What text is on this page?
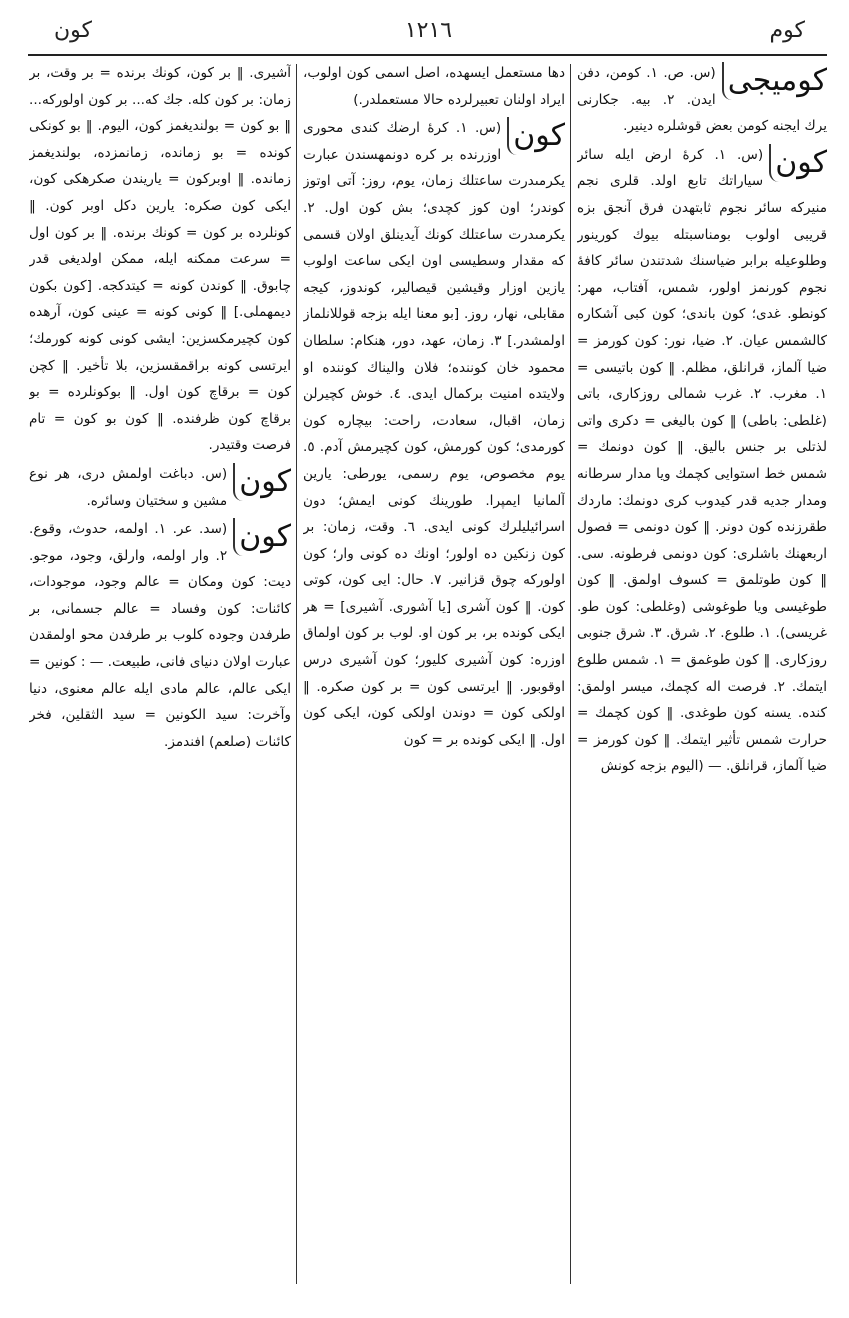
كوم
١٢١٦
كون
كوميجى
(س. ص. ١. كومن، دفن ايدن. ٢. بيه. جكارنى يرك ايجنه كومن بعض قوشلره دينير.
كون
(س. ١. كرهٔ ارض ايله سائر سياراتك تابع اولد. قلرى نجم منيركه سائر نجوم ثابتهدن فرق آنجق بزه قريبى اولوب بومناسبتله بيوك كورينور وطلوعيله برابر ضياسنك شدتندن سائر كافهٔ نجوم كورنمز اولور، شمس، آفتاب، مهر: كونطو. غدى؛ كون باندى؛ كون كبى آشكاره كالشمس عيان. ٢. ضيا، نور: كون كورمز = ضيا آلماز، قرانلق، مظلم. ‖ كون باتيسى = ١. مغرب. ٢. غرب شمالى روزكارى، باتى (غلطى: باطى) ‖ كون باليغى = دكرى واتى لذتلى بر جنس باليق. ‖ كون دونمك = شمس خط استوايى كچمك ويا مدار سرطانه ومدار جديه قدر كيدوب كرى دونمك: ماردك طقرزنده كون دونر. ‖ كون دونمى = فصول اربعهنك باشلرى: كون دونمى فرطونه. سى. ‖ كون طوتلمق = كسوف اولمق. ‖ كون طوغيسى ويا طوغوشى (وغلطى: كون طو. غريسى). ١. طلوع. ٢. شرق. ٣. شرق جنوبى روزكارى. ‖ كون طوغمق = ١. شمس طلوع ايتمك. ٢. فرصت اله كچمك، ميسر اولمق: كنده. يسنه كون طوغدى. ‖ كون كچمك = حرارت شمس تأثير ايتمك. ‖ كون كورمز = ضيا آلماز، قرانلق. — (اليوم بزجه كونش
دها مستعمل ايسهده، اصل اسمى كون اولوب، ايراد اولنان تعبيرلرده حالا مستعملدر.)
كون
(س. ١. كرهٔ ارضك كندى محورى اوزرنده بر كره دونمهسندن عبارت يكرمىدرت ساعتلك زمان، يوم، روز: آتى اوتوز كوندر؛ اون كوز كچدى؛ بش كون اول. ٢. يكرمىدرت ساعتلك كونك آيدينلق اولان قسمى كه مقدار وسطيسى اون ايكى ساعت اولوب يازين اوزار وقيشين قيصالير، كوندوز، كيجه مقابلى، نهار، روز. [بو معنا ايله بزجه قوللانلماز اولمشدر.] ٣. زمان، عهد، دور، هنكام: سلطان محمود خان كوننده؛ فلان واليناك كوننده او ولايتده امنيت بركمال ايدى. ٤. خوش كچيرلن زمان، اقبال، سعادت، راحت: بيچاره كون كورمدى؛ كون كورمش، كون كچيرمش آدم. ٥. يوم مخصوص، يوم رسمى، يورطى: يارين آلمانيا ايمپرا. طورينك كونى ايمش؛ دون اسرائيليلرك كونى ايدى. ٦. وقت، زمان: بر كون زنكين ده اولور؛ اونك ده كونى وار؛ كون اولوركه چوق قزانير. ٧. حال: ايى كون، كوتى كون. ‖ كون آشرى [يا آشورى. آشيرى] = هر ايكى كونده بر، بر كون او. لوب بر كون اولماق اوزره: كون آشيرى كليور؛ كون آشيرى درس اوقوبور. ‖ ايرتسى كون = بر كون صكره. ‖ اولكى كون = دوندن اولكى كون، ايكى كون اول. ‖ ايكى كونده بر = كون
آشيرى. ‖ بر كون، كونك برنده = بر وقت، بر زمان: بر كون كله. جك كه... بر كون اولوركه... ‖ بو كون = بولنديغمز كون، اليوم. ‖ بو كونكى كونده = بو زمانده، زمانمزده، بولنديغمز زمانده. ‖ اوبركون = ياريندن صكرهكى كون، ايكى كون صكره: يارين دكل اوبر كون. ‖ كونلرده بر كون = كونك برنده. ‖ بر كون اول = سرعت ممكنه ايله، ممكن اولديغى قدر چابوق. ‖ كوندن كونه = كيتدكجه. [كون بكون ديمهملى.] ‖ كونى كونه = عينى كون، آرهده كون كچيرمكسزين: ايشى كونى كونه كورمك؛ ايرتسى كونه براقمقسزين، بلا تأخير. ‖ كچن كون = برقاچ كون اول. ‖ بوكونلرده = بو برقاچ كون ظرفنده. ‖ كون بو كون = تام فرصت وقتيدر.
كون
(س. دباغت اولمش درى، هر نوع مشين و سختيان وسائره.
كون
(سد. عر. ١. اولمه، حدوث، وقوع. ٢. وار اولمه، وارلق، وجود، موجو. ديت: كون ومكان = عالم وجود، موجودات، كائنات: كون وفساد = عالم جسمانى، بر طرفدن وجوده كلوب بر طرفدن محو اولمقدن عبارت اولان دنياى فانى، طبيعت. — : كونين = ايكى عالم، عالم مادى ايله عالم معنوى، دنيا وآخرت: سيد الكونين = سيد الثقلين، فخر كائنات (صلعم) افندمز.
